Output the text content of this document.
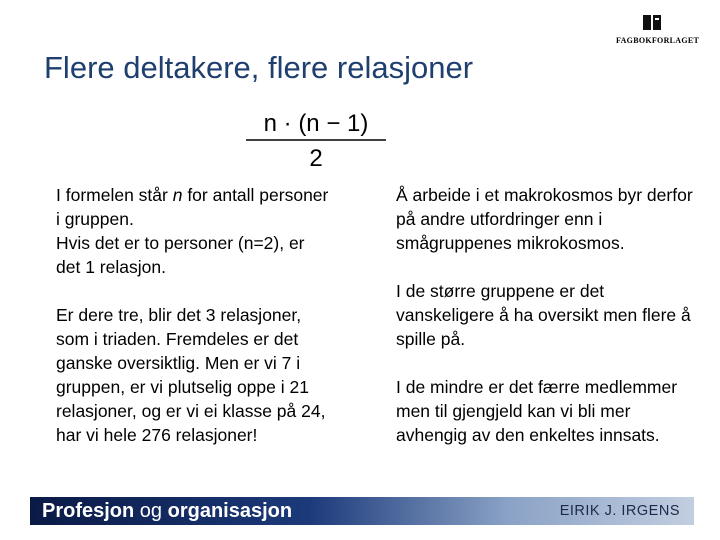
FAGBOKFORLAGET
Flere deltakere, flere relasjoner
n · (n − 1)
2

I formelen står n for antall personer i gruppen.

Hvis det er to personer (n=2), er det 1 relasjon.

Er dere tre, blir det 3 relasjoner, som i triaden. Fremdeles er det ganske oversiktlig. Men er vi 7 i gruppen, er vi plutselig oppe i 21 relasjoner, og er vi ei klasse på 24, har vi hele 276 relasjoner!

Å arbeide i et makrokosmos byr derfor på andre utfordringer enn i smågruppenes mikrokosmos.

I de større gruppene er det vanskeligere å ha oversikt men flere å spille på.

I de mindre er det færre medlemmer men til gjengjeld kan vi bli mer avhengig av den enkeltes innsats.

Profesjon og organisasjon	EIRIK J. IRGENS
